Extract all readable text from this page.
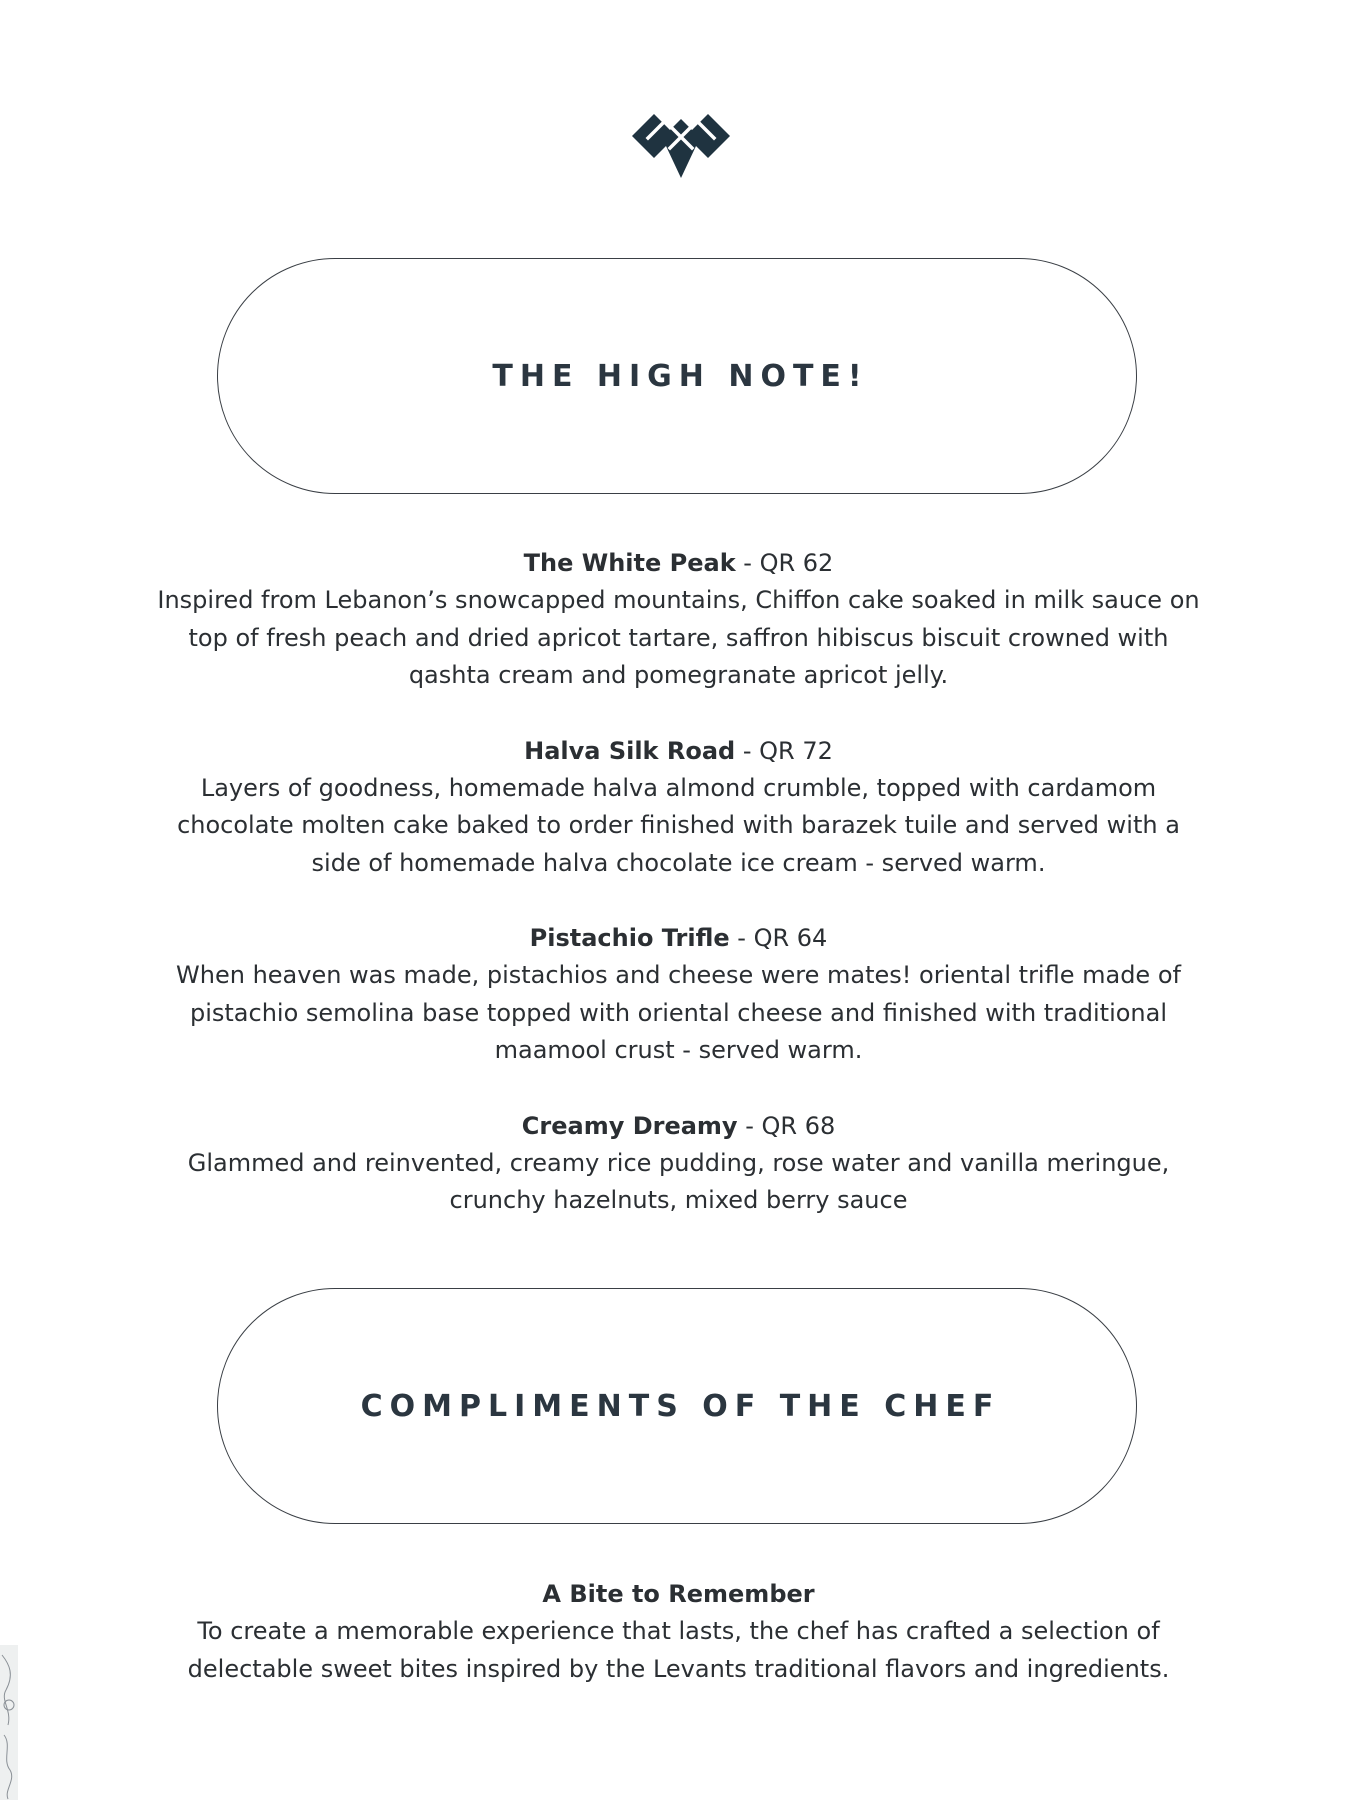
THE HIGH NOTE!
The White Peak - QR 62
Inspired from Lebanon’s snowcapped mountains, Chiffon cake soaked in milk sauce on top of fresh peach and dried apricot tartare, saffron hibiscus biscuit crowned with qashta cream and pomegranate apricot jelly.
Halva Silk Road - QR 72
Layers of goodness, homemade halva almond crumble, topped with cardamom chocolate molten cake baked to order finished with barazek tuile and served with a side of homemade halva chocolate ice cream - served warm.
Pistachio Trifle - QR 64
When heaven was made, pistachios and cheese were mates! oriental trifle made of pistachio semolina base topped with oriental cheese and finished with traditional maamool crust - served warm.
Creamy Dreamy - QR 68
Glammed and reinvented, creamy rice pudding, rose water and vanilla meringue, crunchy hazelnuts, mixed berry sauce
COMPLIMENTS OF THE CHEF
A Bite to Remember
To create a memorable experience that lasts, the chef has crafted a selection of delectable sweet bites inspired by the Levants traditional flavors and ingredients.
